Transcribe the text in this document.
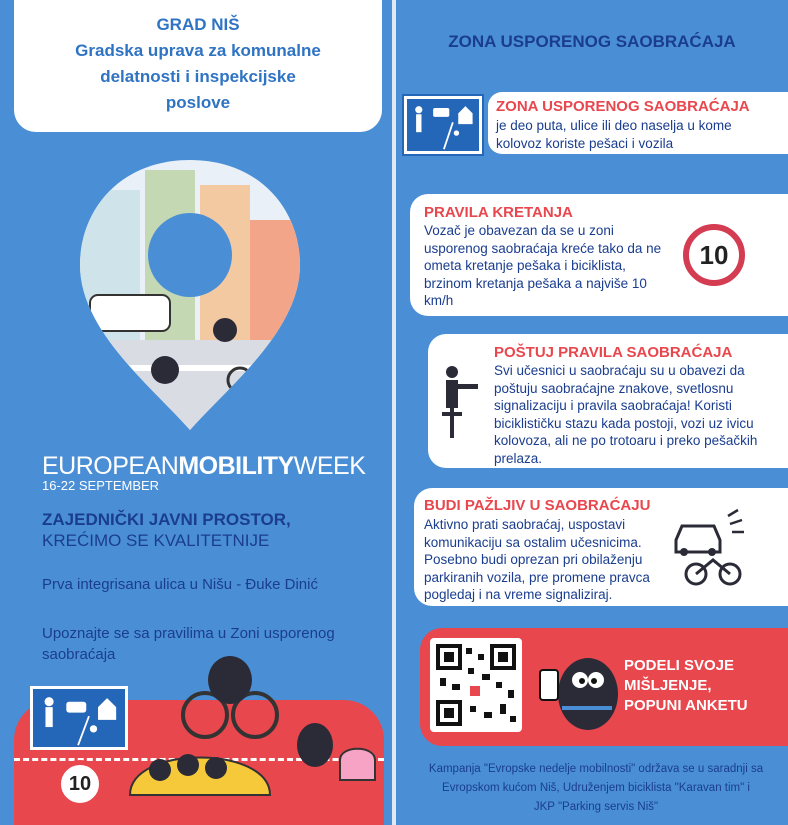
GRAD NIŠ
Gradska uprava za komunalne
delatnosti i inspekcijske
poslove
EUROPEANMOBILITYWEEK
16-22 SEPTEMBER
ZAJEDNIČKI JAVNI PROSTOR,
KREĆIMO SE KVALITETNIJE
Prva integrisana ulica u Nišu - Đuke Dinić
Upoznajte se sa pravilima u Zoni usporenog saobraćaja
10
ZONA USPORENOG SAOBRAĆAJA
ZONA USPORENOG SAOBRAĆAJA
je deo puta, ulice ili deo naselja u kome kolovoz koriste pešaci i vozila
PRAVILA KRETANJA
Vozač je obavezan da se u zoni usporenog saobraćaja kreće tako da ne ometa kretanje pešaka i biciklista, brzinom kretanja pešaka a najviše 10 km/h
10
POŠTUJ PRAVILA SAOBRAĆAJA
Svi učesnici u saobraćaju su u obavezi da poštuju saobraćajne znakove, svetlosnu signalizaciju i pravila saobraćaja! Koristi biciklističku stazu kada postoji, vozi uz ivicu kolovoza, ali ne po trotoaru i preko pešačkih prelaza.
BUDI PAŽLJIV U SAOBRAĆAJU
Aktivno prati saobraćaj, uspostavi komunikaciju sa ostalim učesnicima. Posebno budi oprezan pri obilaženju parkiranih vozila, pre promene pravca pogledaj i na vreme signaliziraj.
PODELI SVOJE
MIŠLJENJE,
POPUNI ANKETU
Kampanja "Evropske nedelje mobilnosti" održava se u saradnji sa
Evropskom kućom Niš, Udruženjem biciklista "Karavan tim" i
JKP "Parking servis Niš"
